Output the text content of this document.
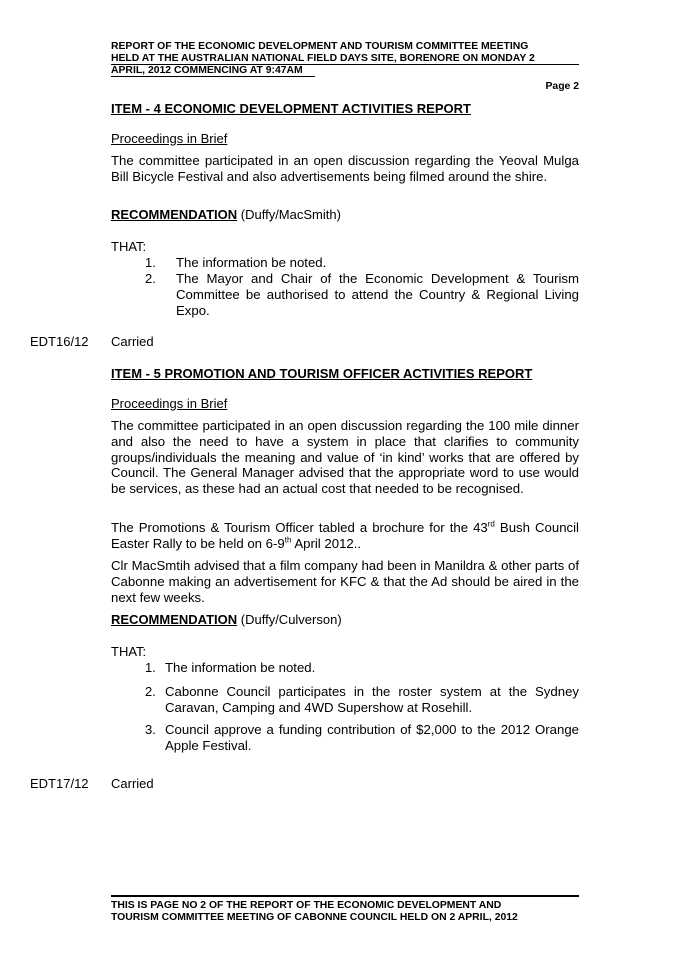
REPORT OF THE ECONOMIC DEVELOPMENT AND TOURISM COMMITTEE MEETING
HELD AT THE AUSTRALIAN NATIONAL FIELD DAYS SITE, BORENORE ON MONDAY 2
APRIL, 2012 COMMENCING AT 9:47AM
Page 2
ITEM - 4 ECONOMIC DEVELOPMENT ACTIVITIES REPORT
Proceedings in Brief
The committee participated in an open discussion regarding the Yeoval Mulga Bill Bicycle Festival and also advertisements being filmed around the shire.
RECOMMENDATION (Duffy/MacSmith)
THAT:
1. The information be noted.
2. The Mayor and Chair of the Economic Development & Tourism Committee be authorised to attend the Country & Regional Living Expo.
EDT16/12 Carried
ITEM - 5 PROMOTION AND TOURISM OFFICER ACTIVITIES REPORT
Proceedings in Brief
The committee participated in an open discussion regarding the 100 mile dinner and also the need to have a system in place that clarifies to community groups/individuals the meaning and value of ‘in kind’ works that are offered by Council. The General Manager advised that the appropriate word to use would be services, as these had an actual cost that needed to be recognised.
The Promotions & Tourism Officer tabled a brochure for the 43rd Bush Council Easter Rally to be held on 6-9th April 2012..
Clr MacSmtih advised that a film company had been in Manildra & other parts of Cabonne making an advertisement for KFC & that the Ad should be aired in the next few weeks.
RECOMMENDATION (Duffy/Culverson)
THAT:
1. The information be noted.
2. Cabonne Council participates in the roster system at the Sydney Caravan, Camping and 4WD Supershow at Rosehill.
3. Council approve a funding contribution of $2,000 to the 2012 Orange Apple Festival.
EDT17/12 Carried
THIS IS PAGE NO 2 OF THE REPORT OF THE ECONOMIC DEVELOPMENT AND
TOURISM COMMITTEE MEETING OF CABONNE COUNCIL HELD ON 2 APRIL, 2012
